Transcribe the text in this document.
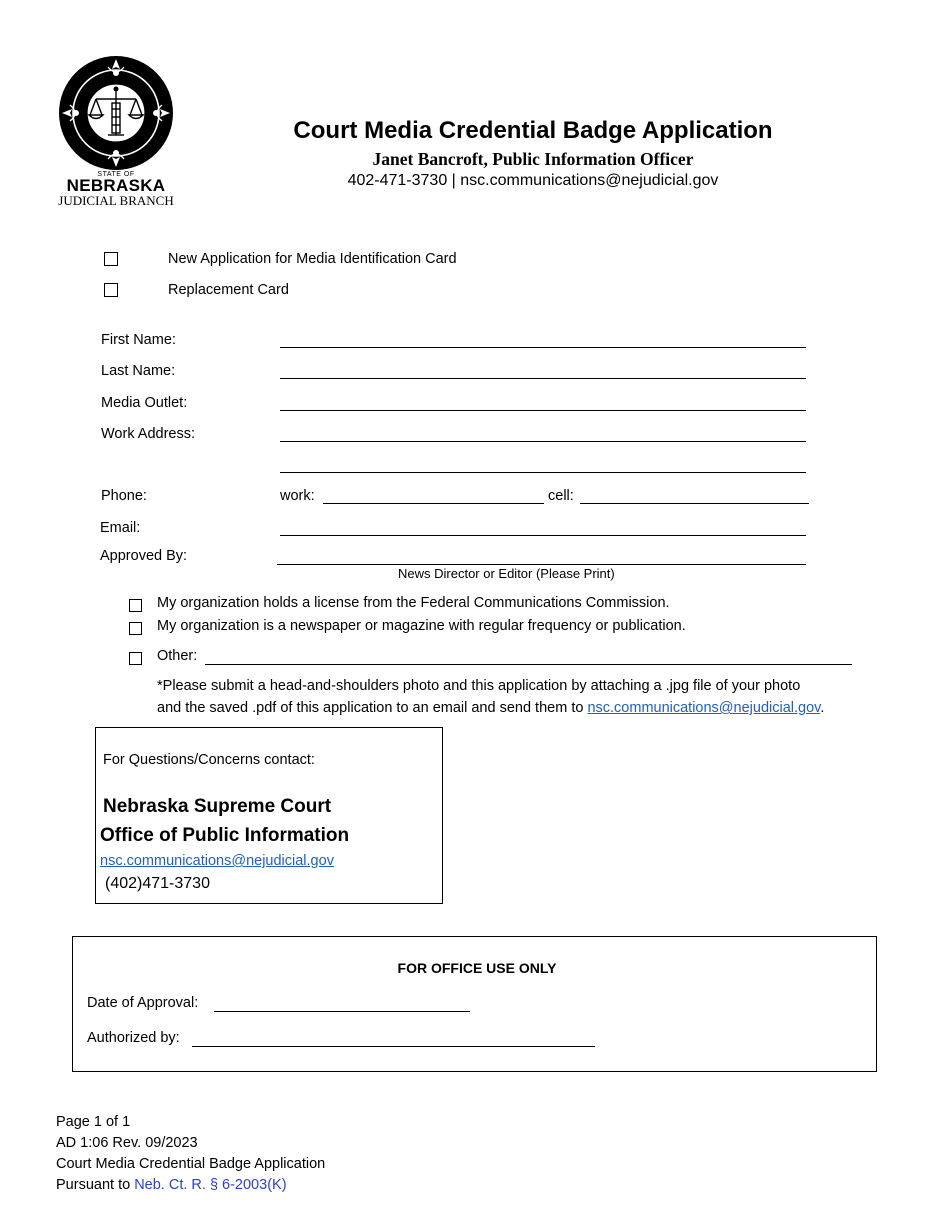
STATE OF
NEBRASKA
JUDICIAL BRANCH
Court Media Credential Badge Application
Janet Bancroft, Public Information Officer
402-471-3730 | nsc.communications@nejudicial.gov
New Application for Media Identification Card
Replacement Card
First Name:
Last Name:
Media Outlet:
Work Address:
Phone:	work:	cell:
Email:
Approved By:
News Director or Editor (Please Print)
My organization holds a license from the Federal Communications Commission.
My organization is a newspaper or magazine with regular frequency or publication.
Other:
*Please submit a head-and-shoulders photo and this application by attaching a .jpg file of your photo
and the saved .pdf of this application to an email and send them to nsc.communications@nejudicial.gov.
For Questions/Concerns contact:
Nebraska Supreme Court
Office of Public Information
nsc.communications@nejudicial.gov
(402)471-3730
FOR OFFICE USE ONLY
Date of Approval:
Authorized by:
Page 1 of 1
AD 1:06 Rev. 09/2023
Court Media Credential Badge Application
Pursuant to Neb. Ct. R. § 6-2003(K)
